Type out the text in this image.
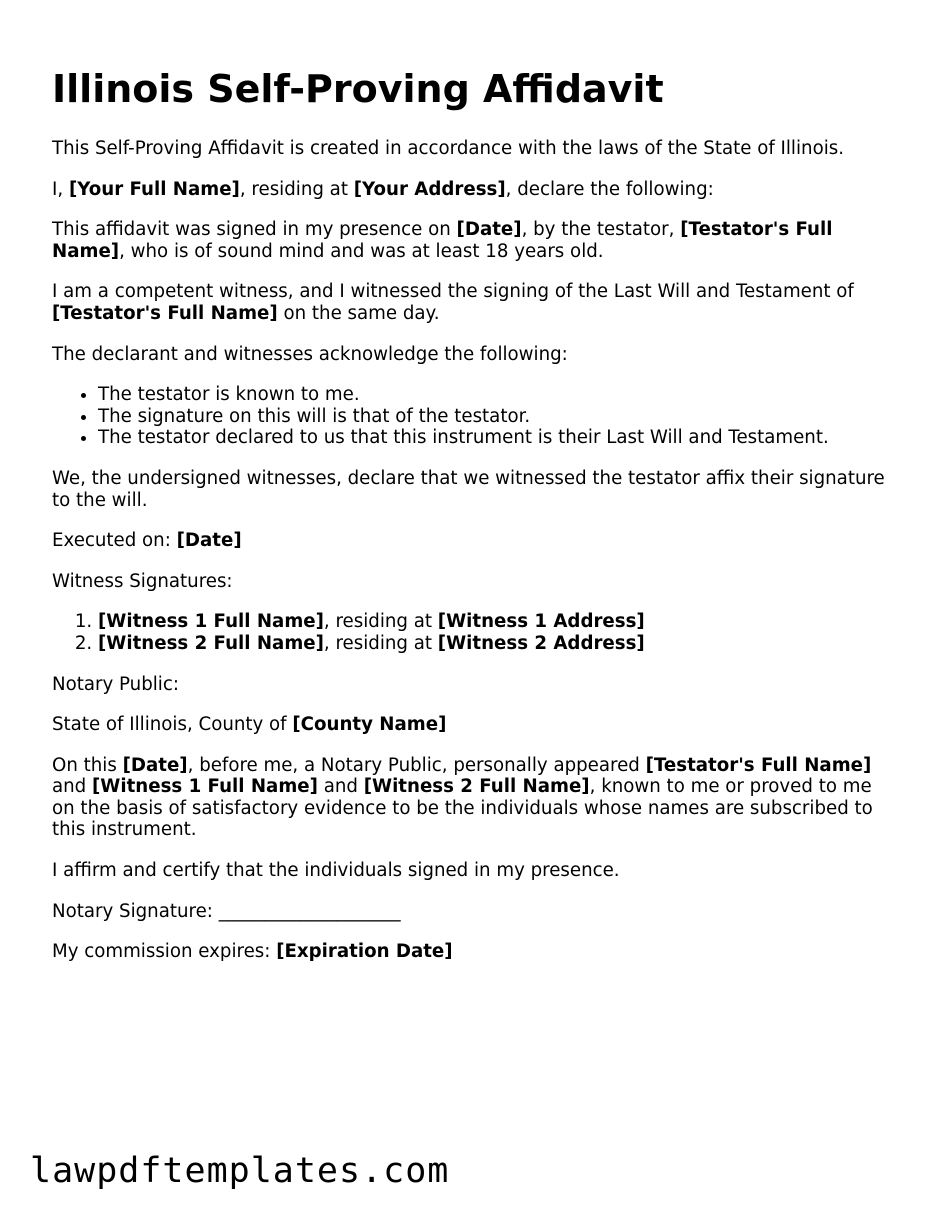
Illinois Self-Proving Affidavit

This Self-Proving Affidavit is created in accordance with the laws of the State of Illinois.

I, [Your Full Name], residing at [Your Address], declare the following:

This affidavit was signed in my presence on [Date], by the testator, [Testator's Full Name], who is of sound mind and was at least 18 years old.

I am a competent witness, and I witnessed the signing of the Last Will and Testament of [Testator's Full Name] on the same day.

The declarant and witnesses acknowledge the following:

• The testator is known to me.
• The signature on this will is that of the testator.
• The testator declared to us that this instrument is their Last Will and Testament.

We, the undersigned witnesses, declare that we witnessed the testator affix their signature to the will.

Executed on: [Date]

Witness Signatures:

1. [Witness 1 Full Name], residing at [Witness 1 Address]
2. [Witness 2 Full Name], residing at [Witness 2 Address]

Notary Public:

State of Illinois, County of [County Name]

On this [Date], before me, a Notary Public, personally appeared [Testator's Full Name] and [Witness 1 Full Name] and [Witness 2 Full Name], known to me or proved to me on the basis of satisfactory evidence to be the individuals whose names are subscribed to this instrument.

I affirm and certify that the individuals signed in my presence.

Notary Signature: ____________________

My commission expires: [Expiration Date]

lawpdftemplates.com
